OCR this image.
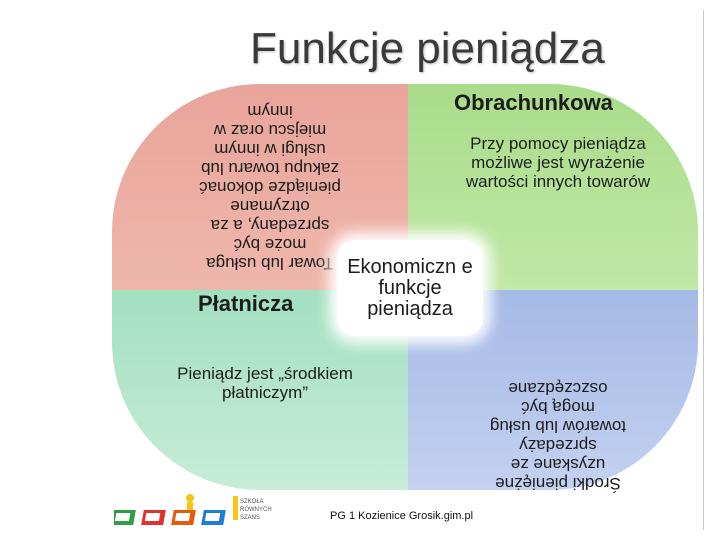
Towar lub usługa może być sprzedany, a za otrzymane pieniądze dokonać zakupu towaru lub usługi w innym miejscu oraz w innym
Funkcje pieniądza
Obrachunkowa
Przy pomocy pieniądza możliwe jest wyrażenie wartości innych towarów
Płatnicza
Pieniądz jest „środkiem płatniczym”
Środki pieniężne uzyskane ze sprzedaży towarów lub usług mogą być oszczędzane
Ekonomiczn e funkcje pieniądza
SZKOŁA
RÓWNYCH
SZANS	PG 1 Kozienice Grosik.gim.pl
